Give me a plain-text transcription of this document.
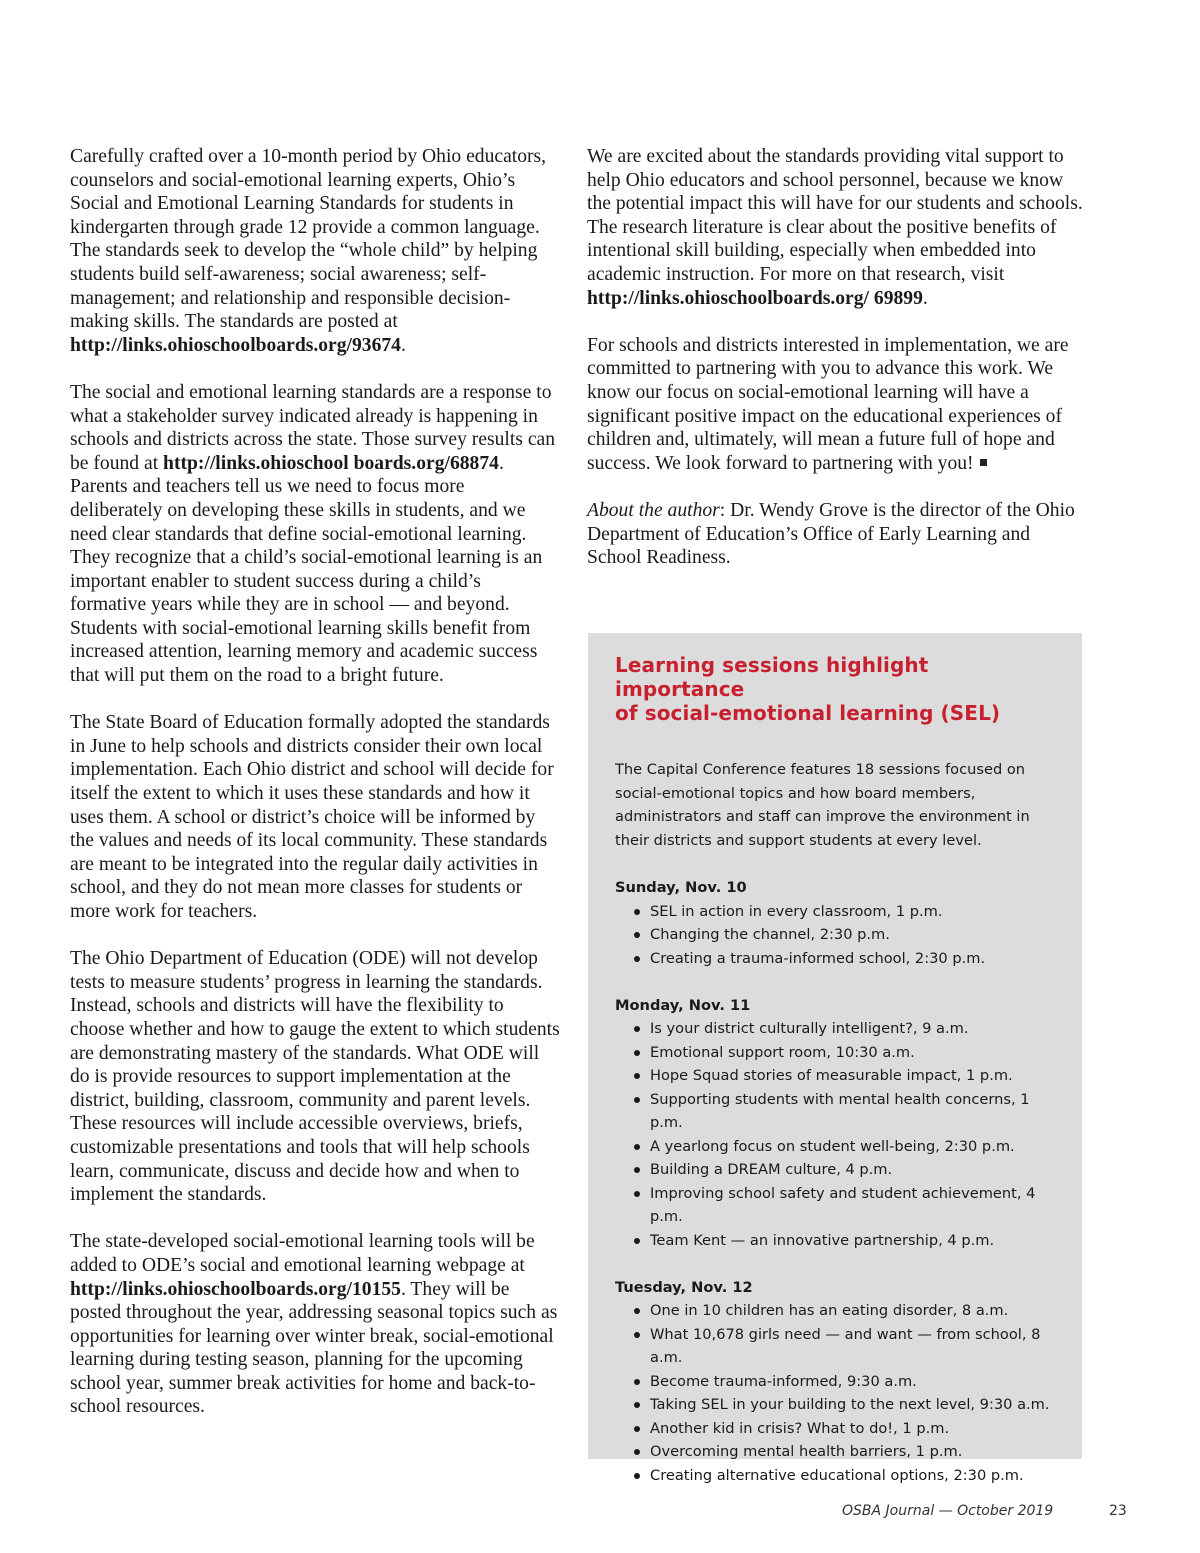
Carefully crafted over a 10-month period by Ohio educators, counselors and social-emotional learning experts, Ohio’s Social and Emotional Learning Standards for students in kindergarten through grade 12 provide a common language. The standards seek to develop the “whole child” by helping students build self-awareness; social awareness; self-management; and relationship and responsible decision-making skills. The standards are posted at http://links.ohioschoolboards.org/93674.

The social and emotional learning standards are a response to what a stakeholder survey indicated already is happening in schools and districts across the state. Those survey results can be found at http://links.ohioschool boards.org/68874. Parents and teachers tell us we need to focus more deliberately on developing these skills in students, and we need clear standards that define social-emotional learning. They recognize that a child’s social-emotional learning is an important enabler to student success during a child’s formative years while they are in school — and beyond. Students with social-emotional learning skills benefit from increased attention, learning memory and academic success that will put them on the road to a bright future.

The State Board of Education formally adopted the standards in June to help schools and districts consider their own local implementation. Each Ohio district and school will decide for itself the extent to which it uses these standards and how it uses them. A school or district’s choice will be informed by the values and needs of its local community. These standards are meant to be integrated into the regular daily activities in school, and they do not mean more classes for students or more work for teachers.

The Ohio Department of Education (ODE) will not develop tests to measure students’ progress in learning the standards. Instead, schools and districts will have the flexibility to choose whether and how to gauge the extent to which students are demonstrating mastery of the standards. What ODE will do is provide resources to support implementation at the district, building, classroom, community and parent levels. These resources will include accessible overviews, briefs, customizable presentations and tools that will help schools learn, communicate, discuss and decide how and when to implement the standards.

The state-developed social-emotional learning tools will be added to ODE’s social and emotional learning webpage at http://links.ohioschoolboards.org/10155. They will be posted throughout the year, addressing seasonal topics such as opportunities for learning over winter break, social-emotional learning during testing season, planning for the upcoming school year, summer break activities for home and back-to-school resources.

We are excited about the standards providing vital support to help Ohio educators and school personnel, because we know the potential impact this will have for our students and schools. The research literature is clear about the positive benefits of intentional skill building, especially when embedded into academic instruction. For more on that research, visit http://links.ohioschoolboards.org/ 69899.

For schools and districts interested in implementation, we are committed to partnering with you to advance this work. We know our focus on social-emotional learning will have a significant positive impact on the educational experiences of children and, ultimately, will mean a future full of hope and success. We look forward to partnering with you!

About the author: Dr. Wendy Grove is the director of the Ohio Department of Education’s Office of Early Learning and School Readiness.

Learning sessions highlight importance
of social-emotional learning (SEL)

The Capital Conference features 18 sessions focused on social-emotional topics and how board members, administrators and staff can improve the environment in their districts and support students at every level.

Sunday, Nov. 10

SEL in action in every classroom, 1 p.m.
Changing the channel, 2:30 p.m.
Creating a trauma-informed school, 2:30 p.m.

Monday, Nov. 11

Is your district culturally intelligent?, 9 a.m.
Emotional support room, 10:30 a.m.
Hope Squad stories of measurable impact, 1 p.m.
Supporting students with mental health concerns, 1 p.m.
A yearlong focus on student well-being, 2:30 p.m.
Building a DREAM culture, 4 p.m.
Improving school safety and student achievement, 4 p.m.
Team Kent — an innovative partnership, 4 p.m.

Tuesday, Nov. 12

One in 10 children has an eating disorder, 8 a.m.
What 10,678 girls need — and want — from school, 8 a.m.
Become trauma-informed, 9:30 a.m.
Taking SEL in your building to the next level, 9:30 a.m.
Another kid in crisis? What to do!, 1 p.m.
Overcoming mental health barriers, 1 p.m.
Creating alternative educational options, 2:30 p.m.
OSBA Journal — October 2019	23
